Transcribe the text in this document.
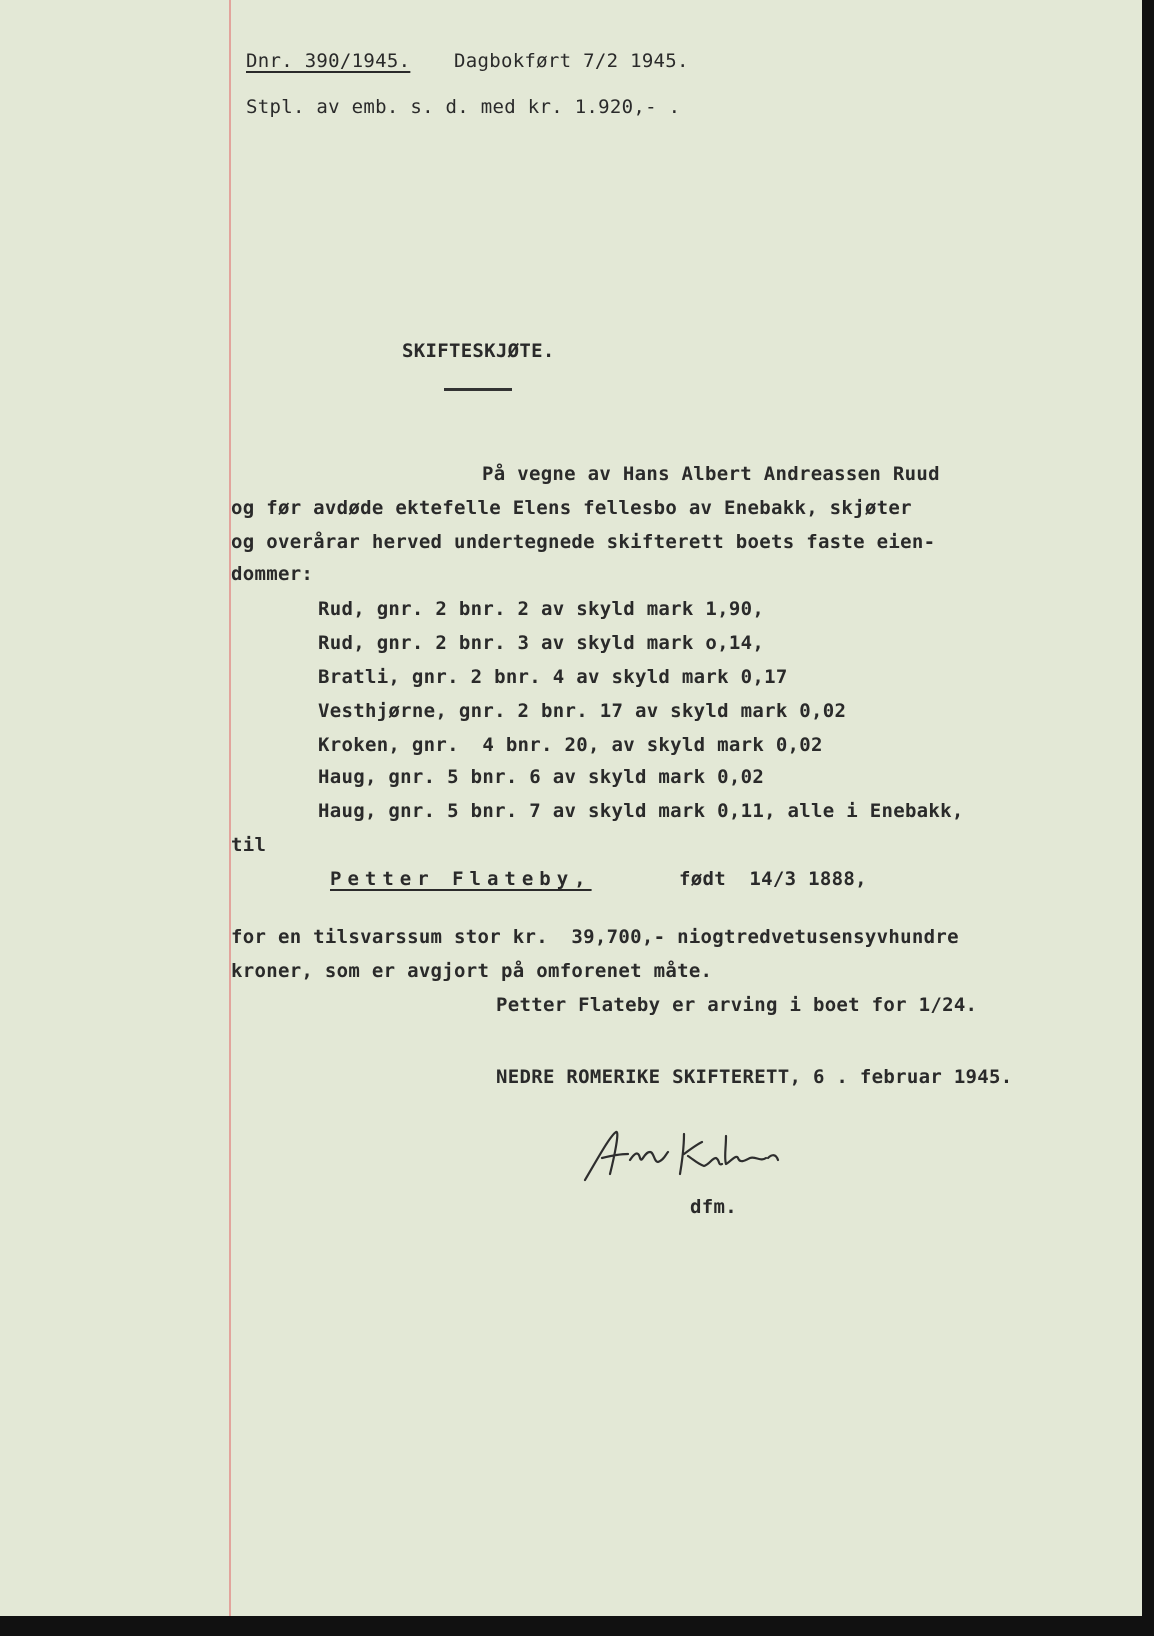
Dnr. 390/1945. Dagbokført 7/2 1945.
Stpl. av emb. s. d. med kr. 1.920,- .
SKIFTESKJØTE.
På vegne av Hans Albert Andreassen Ruud
og før avdøde ektefelle Elens fellesbo av Enebakk, skjøter
og overårar herved undertegnede skifterett boets faste eien-
dommer:
Rud, gnr. 2 bnr. 2 av skyld mark 1,90,
Rud, gnr. 2 bnr. 3 av skyld mark o,14,
Bratli, gnr. 2 bnr. 4 av skyld mark 0,17
Vesthjørne, gnr. 2 bnr. 17 av skyld mark 0,02
Kroken, gnr.  4 bnr. 20, av skyld mark 0,02
Haug, gnr. 5 bnr. 6 av skyld mark 0,02
Haug, gnr. 5 bnr. 7 av skyld mark 0,11, alle i Enebakk,
til
Petter Flateby,	født  14/3 1888,
for en tilsvarssum stor kr.  39,700,- niogtredvetusensyvhundre
kroner, som er avgjort på omforenet måte.
Petter Flateby er arving i boet for 1/24.
NEDRE ROMERIKE SKIFTERETT, 6 . februar 1945.
dfm.
